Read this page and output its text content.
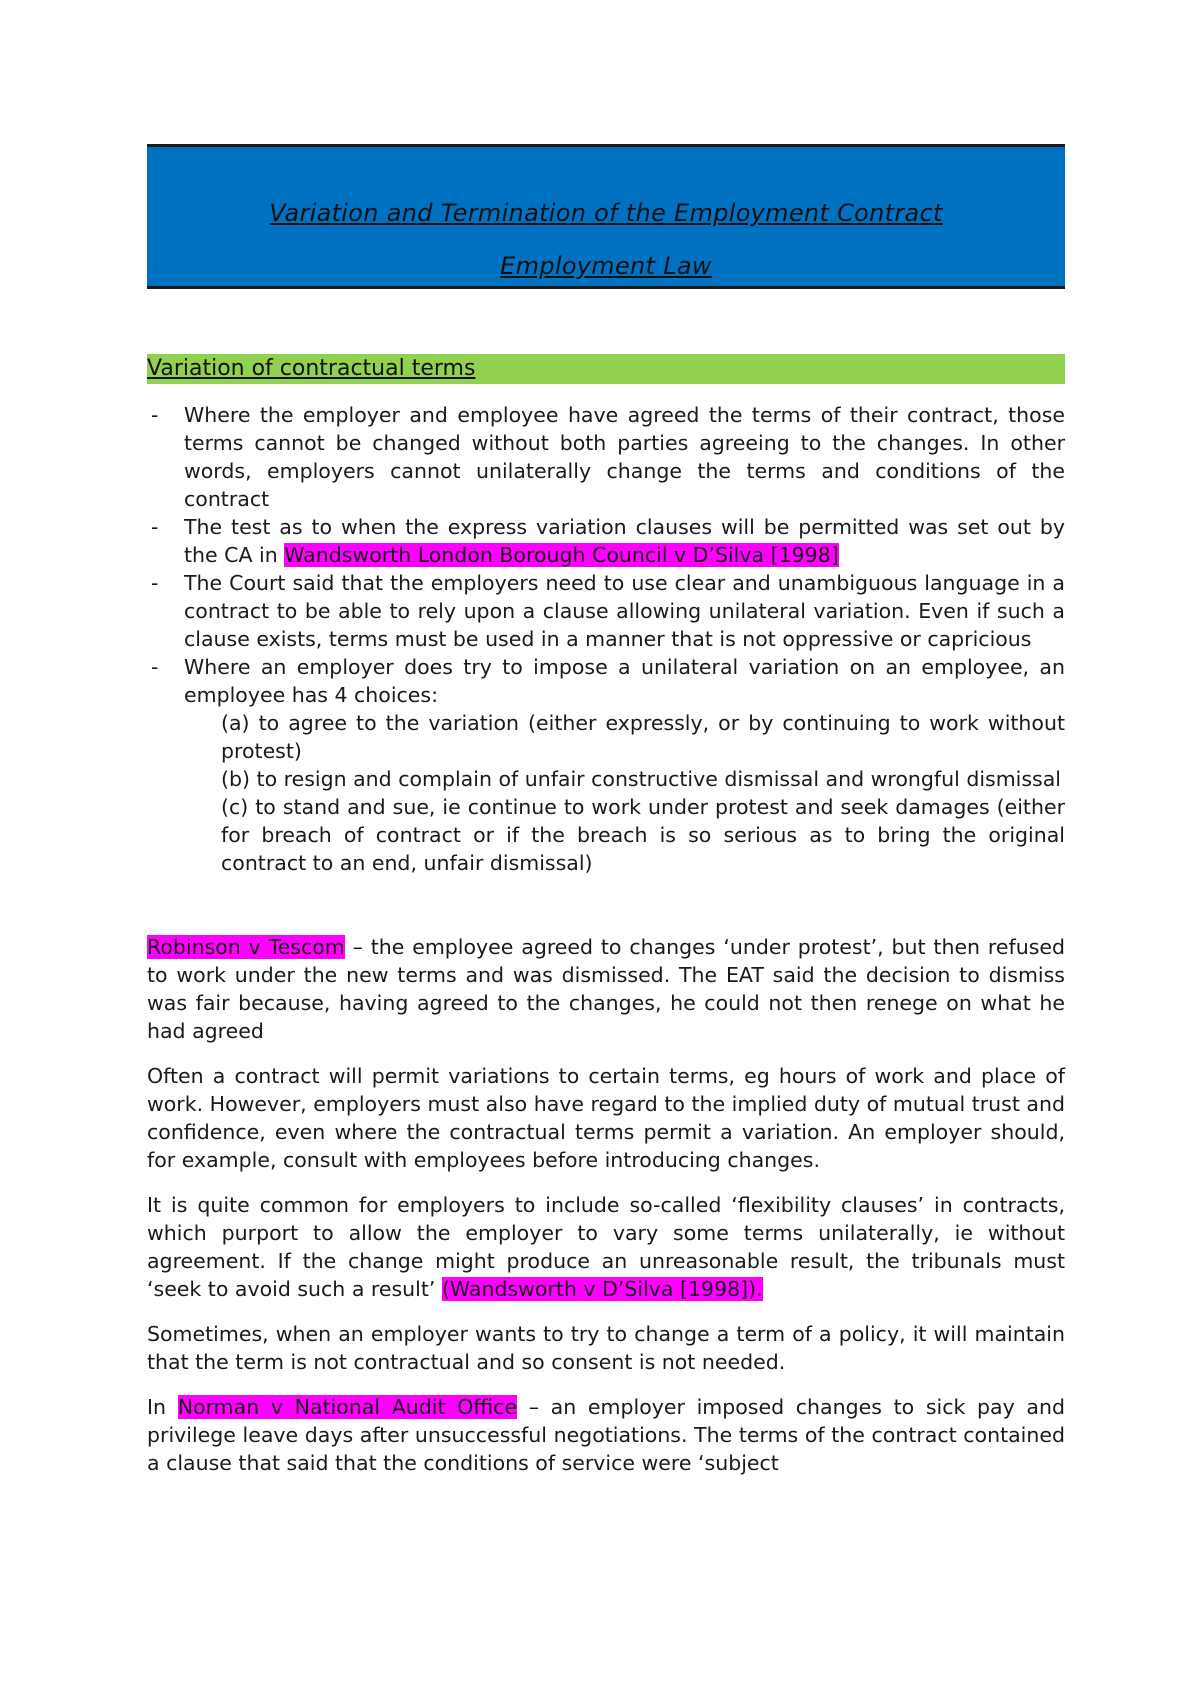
Variation and Termination of the Employment Contract
Employment Law
Variation of contractual terms
- Where the employer and employee have agreed the terms of their contract, those terms cannot be changed without both parties agreeing to the changes. In other words, employers cannot unilaterally change the terms and conditions of the contract
- The test as to when the express variation clauses will be permitted was set out by the CA in Wandsworth London Borough Council v D’Silva [1998]
- The Court said that the employers need to use clear and unambiguous language in a contract to be able to rely upon a clause allowing unilateral variation. Even if such a clause exists, terms must be used in a manner that is not oppressive or capricious
- Where an employer does try to impose a unilateral variation on an employee, an employee has 4 choices:
(a) to agree to the variation (either expressly, or by continuing to work without protest)
(b) to resign and complain of unfair constructive dismissal and wrongful dismissal
(c) to stand and sue, ie continue to work under protest and seek damages (either for breach of contract or if the breach is so serious as to bring the original contract to an end, unfair dismissal)

Robinson v Tescom – the employee agreed to changes ‘under protest’, but then refused to work under the new terms and was dismissed. The EAT said the decision to dismiss was fair because, having agreed to the changes, he could not then renege on what he had agreed

Often a contract will permit variations to certain terms, eg hours of work and place of work. However, employers must also have regard to the implied duty of mutual trust and confidence, even where the contractual terms permit a variation. An employer should, for example, consult with employees before introducing changes.

It is quite common for employers to include so-called ‘flexibility clauses’ in contracts, which purport to allow the employer to vary some terms unilaterally, ie without agreement. If the change might produce an unreasonable result, the tribunals must ‘seek to avoid such a result’ (Wandsworth v D’Silva [1998]).

Sometimes, when an employer wants to try to change a term of a policy, it will maintain that the term is not contractual and so consent is not needed.

In Norman v National Audit Office – an employer imposed changes to sick pay and privilege leave days after unsuccessful negotiations. The terms of the contract contained a clause that said that the conditions of service were ‘subject
